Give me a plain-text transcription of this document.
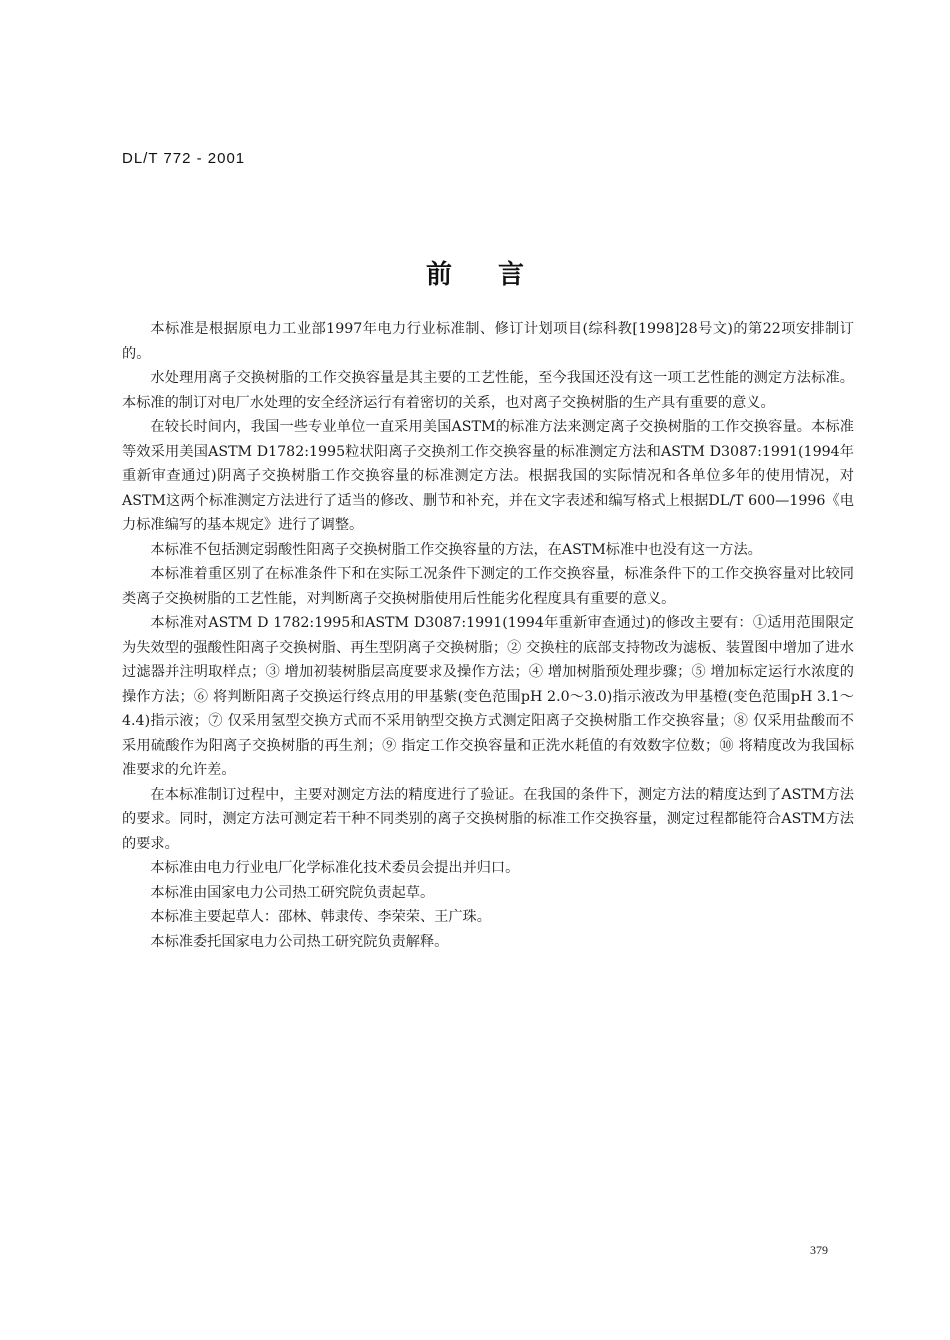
DL/T 772 - 2001
前言

本标准是根据原电力工业部1997年电力行业标准制、修订计划项目(综科教[1998]28号文)的第22项安排制订的。

水处理用离子交换树脂的工作交换容量是其主要的工艺性能，至今我国还没有这一项工艺性能的测定方法标准。本标准的制订对电厂水处理的安全经济运行有着密切的关系，也对离子交换树脂的生产具有重要的意义。

在较长时间内，我国一些专业单位一直采用美国ASTM的标准方法来测定离子交换树脂的工作交换容量。本标准等效采用美国ASTM D1782:1995粒状阳离子交换剂工作交换容量的标准测定方法和ASTM D3087:1991(1994年重新审查通过)阴离子交换树脂工作交换容量的标准测定方法。根据我国的实际情况和各单位多年的使用情况，对ASTM这两个标准测定方法进行了适当的修改、删节和补充，并在文字表述和编写格式上根据DL/T 600—1996《电力标准编写的基本规定》进行了调整。

本标准不包括测定弱酸性阳离子交换树脂工作交换容量的方法，在ASTM标准中也没有这一方法。

本标准着重区别了在标准条件下和在实际工况条件下测定的工作交换容量，标准条件下的工作交换容量对比较同类离子交换树脂的工艺性能，对判断离子交换树脂使用后性能劣化程度具有重要的意义。

本标准对ASTM D 1782:1995和ASTM D3087:1991(1994年重新审查通过)的修改主要有：①适用范围限定为失效型的强酸性阳离子交换树脂、再生型阴离子交换树脂；② 交换柱的底部支持物改为滤板、装置图中增加了进水过滤器并注明取样点；③ 增加初装树脂层高度要求及操作方法；④ 增加树脂预处理步骤；⑤ 增加标定运行水浓度的操作方法；⑥ 将判断阳离子交换运行终点用的甲基紫(变色范围pH 2.0～3.0)指示液改为甲基橙(变色范围pH 3.1～4.4)指示液；⑦ 仅采用氢型交换方式而不采用钠型交换方式测定阳离子交换树脂工作交换容量；⑧ 仅采用盐酸而不采用硫酸作为阳离子交换树脂的再生剂；⑨ 指定工作交换容量和正洗水耗值的有效数字位数；⑩ 将精度改为我国标准要求的允许差。

在本标准制订过程中，主要对测定方法的精度进行了验证。在我国的条件下，测定方法的精度达到了ASTM方法的要求。同时，测定方法可测定若干种不同类别的离子交换树脂的标准工作交换容量，测定过程都能符合ASTM方法的要求。

本标准由电力行业电厂化学标准化技术委员会提出并归口。

本标准由国家电力公司热工研究院负责起草。

本标准主要起草人：邵林、韩隶传、李荣荣、王广珠。

本标准委托国家电力公司热工研究院负责解释。

379
